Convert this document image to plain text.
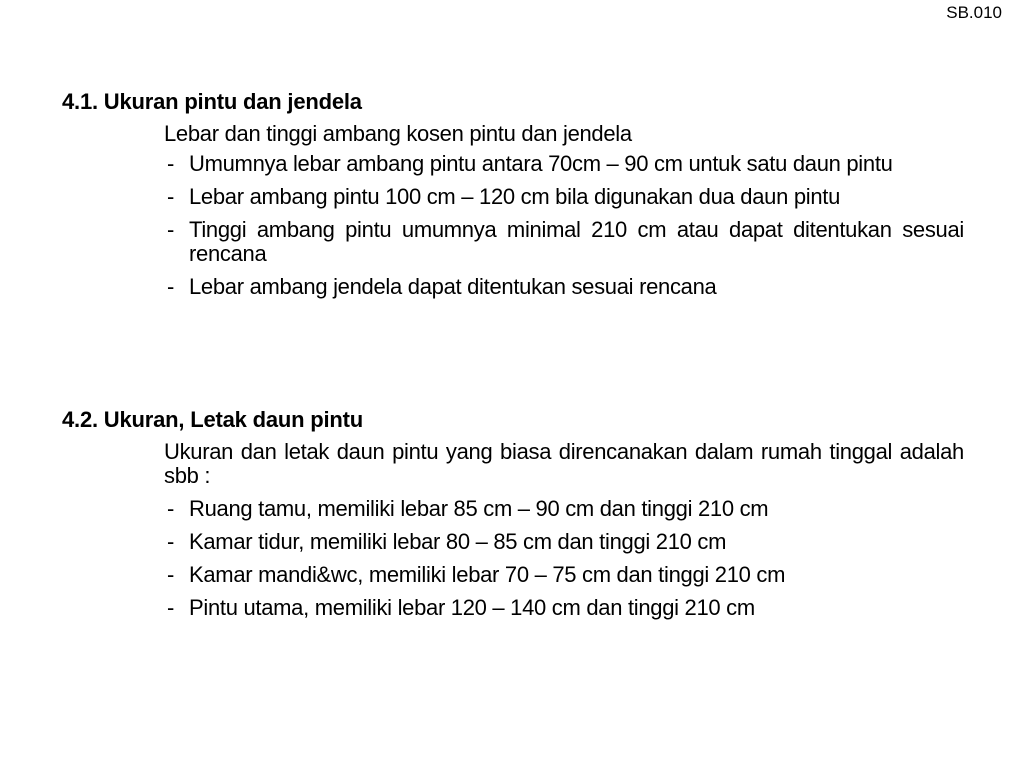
SB.010
4.1. Ukuran pintu dan jendela
Lebar dan tinggi ambang kosen pintu dan jendela
- Umumnya lebar ambang pintu antara 70cm – 90 cm untuk satu daun pintu
- Lebar ambang pintu 100 cm – 120 cm bila digunakan dua daun pintu
- Tinggi ambang pintu umumnya minimal 210 cm atau dapat ditentukan sesuai rencana
- Lebar ambang jendela dapat ditentukan sesuai rencana
4.2. Ukuran, Letak daun pintu
Ukuran dan letak daun pintu yang biasa direncanakan dalam rumah tinggal adalah sbb :
- Ruang tamu, memiliki lebar 85 cm – 90 cm dan tinggi 210 cm
- Kamar tidur, memiliki lebar 80 – 85 cm dan tinggi 210 cm
- Kamar mandi&wc, memiliki lebar 70 – 75 cm dan tinggi 210 cm
- Pintu utama, memiliki lebar 120 – 140 cm dan tinggi 210 cm
